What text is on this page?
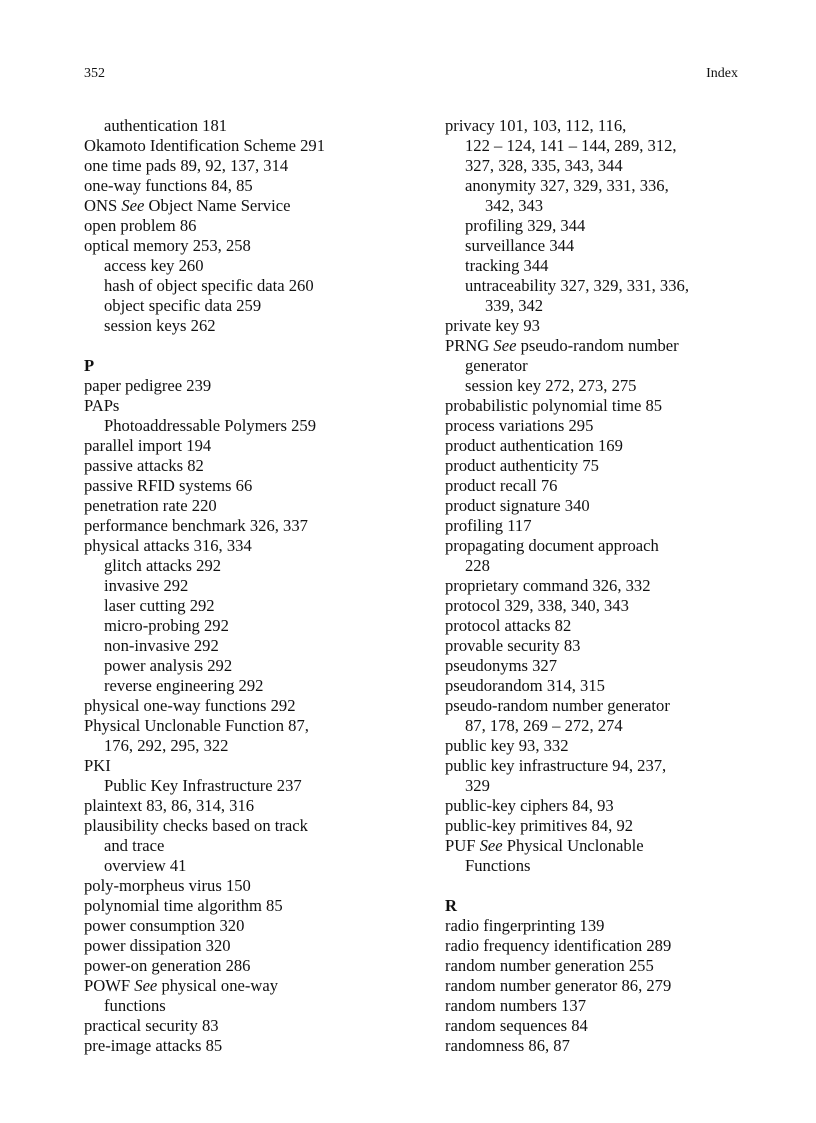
352	Index
authentication 181
Okamoto Identification Scheme 291
one time pads 89, 92, 137, 314
one-way functions 84, 85
ONS See Object Name Service
open problem 86
optical memory 253, 258
access key 260
hash of object specific data 260
object specific data 259
session keys 262
P
paper pedigree 239
PAPs
Photoaddressable Polymers 259
parallel import 194
passive attacks 82
passive RFID systems 66
penetration rate 220
performance benchmark 326, 337
physical attacks 316, 334
glitch attacks 292
invasive 292
laser cutting 292
micro-probing 292
non-invasive 292
power analysis 292
reverse engineering 292
physical one-way functions 292
Physical Unclonable Function 87,
176, 292, 295, 322
PKI
Public Key Infrastructure 237
plaintext 83, 86, 314, 316
plausibility checks based on track
and trace
overview 41
poly-morpheus virus 150
polynomial time algorithm 85
power consumption 320
power dissipation 320
power-on generation 286
POWF See physical one-way
functions
practical security 83
pre-image attacks 85
privacy 101, 103, 112, 116,
122 – 124, 141 – 144, 289, 312,
327, 328, 335, 343, 344
anonymity 327, 329, 331, 336,
342, 343
profiling 329, 344
surveillance 344
tracking 344
untraceability 327, 329, 331, 336,
339, 342
private key 93
PRNG See pseudo-random number
generator
session key 272, 273, 275
probabilistic polynomial time 85
process variations 295
product authentication 169
product authenticity 75
product recall 76
product signature 340
profiling 117
propagating document approach
228
proprietary command 326, 332
protocol 329, 338, 340, 343
protocol attacks 82
provable security 83
pseudonyms 327
pseudorandom 314, 315
pseudo-random number generator
87, 178, 269 – 272, 274
public key 93, 332
public key infrastructure 94, 237,
329
public-key ciphers 84, 93
public-key primitives 84, 92
PUF See Physical Unclonable
Functions
R
radio fingerprinting 139
radio frequency identification 289
random number generation 255
random number generator 86, 279
random numbers 137
random sequences 84
randomness 86, 87
